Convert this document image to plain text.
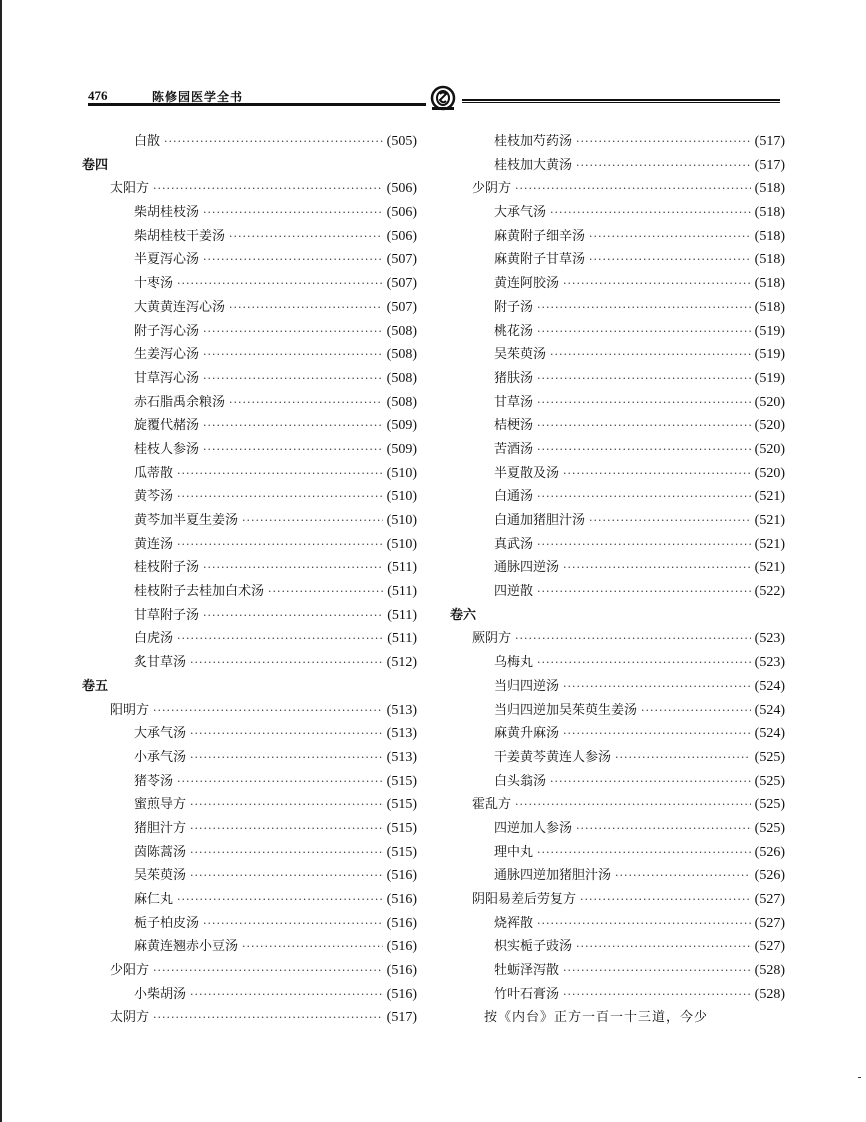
476	陈修园医学全书
白散 ·····	(505)
卷四
太阳方 ·····	(506)
柴胡桂枝汤 ·····	(506)
柴胡桂枝干姜汤 ·····	(506)
半夏泻心汤 ·····	(507)
十枣汤 ·····	(507)
大黄黄连泻心汤 ·····	(507)
附子泻心汤 ·····	(508)
生姜泻心汤 ·····	(508)
甘草泻心汤 ·····	(508)
赤石脂禹余粮汤 ·····	(508)
旋覆代赭汤 ·····	(509)
桂枝人参汤 ·····	(509)
瓜蒂散 ·····	(510)
黄芩汤 ·····	(510)
黄芩加半夏生姜汤 ·····	(510)
黄连汤 ·····	(510)
桂枝附子汤 ·····	(511)
桂枝附子去桂加白术汤 ·····	(511)
甘草附子汤 ·····	(511)
白虎汤 ·····	(511)
炙甘草汤 ·····	(512)
卷五
阳明方 ·····	(513)
大承气汤 ·····	(513)
小承气汤 ·····	(513)
猪苓汤 ·····	(515)
蜜煎导方 ·····	(515)
猪胆汁方 ·····	(515)
茵陈蒿汤 ·····	(515)
吴茱萸汤 ·····	(516)
麻仁丸 ·····	(516)
栀子柏皮汤 ·····	(516)
麻黄连翘赤小豆汤 ·····	(516)
少阳方 ·····	(516)
小柴胡汤 ·····	(516)
太阴方 ·····	(517)
桂枝加芍药汤 ·····	(517)
桂枝加大黄汤 ·····	(517)
少阴方 ·····	(518)
大承气汤 ·····	(518)
麻黄附子细辛汤 ·····	(518)
麻黄附子甘草汤 ·····	(518)
黄连阿胶汤 ·····	(518)
附子汤 ·····	(518)
桃花汤 ·····	(519)
吴茱萸汤 ·····	(519)
猪肤汤 ·····	(519)
甘草汤 ·····	(520)
桔梗汤 ·····	(520)
苦酒汤 ·····	(520)
半夏散及汤 ·····	(520)
白通汤 ·····	(521)
白通加猪胆汁汤 ·····	(521)
真武汤 ·····	(521)
通脉四逆汤 ·····	(521)
四逆散 ·····	(522)
卷六
厥阴方 ·····	(523)
乌梅丸 ·····	(523)
当归四逆汤 ·····	(524)
当归四逆加吴茱萸生姜汤 ·····	(524)
麻黄升麻汤 ·····	(524)
干姜黄芩黄连人参汤 ·····	(525)
白头翁汤 ·····	(525)
霍乱方 ·····	(525)
四逆加人参汤 ·····	(525)
理中丸 ·····	(526)
通脉四逆加猪胆汁汤 ·····	(526)
阴阳易差后劳复方 ·····	(527)
烧裈散 ·····	(527)
枳实栀子豉汤 ·····	(527)
牡蛎泽泻散 ·····	(528)
竹叶石膏汤 ·····	(528)
按《内台》正方一百一十三道，今少
